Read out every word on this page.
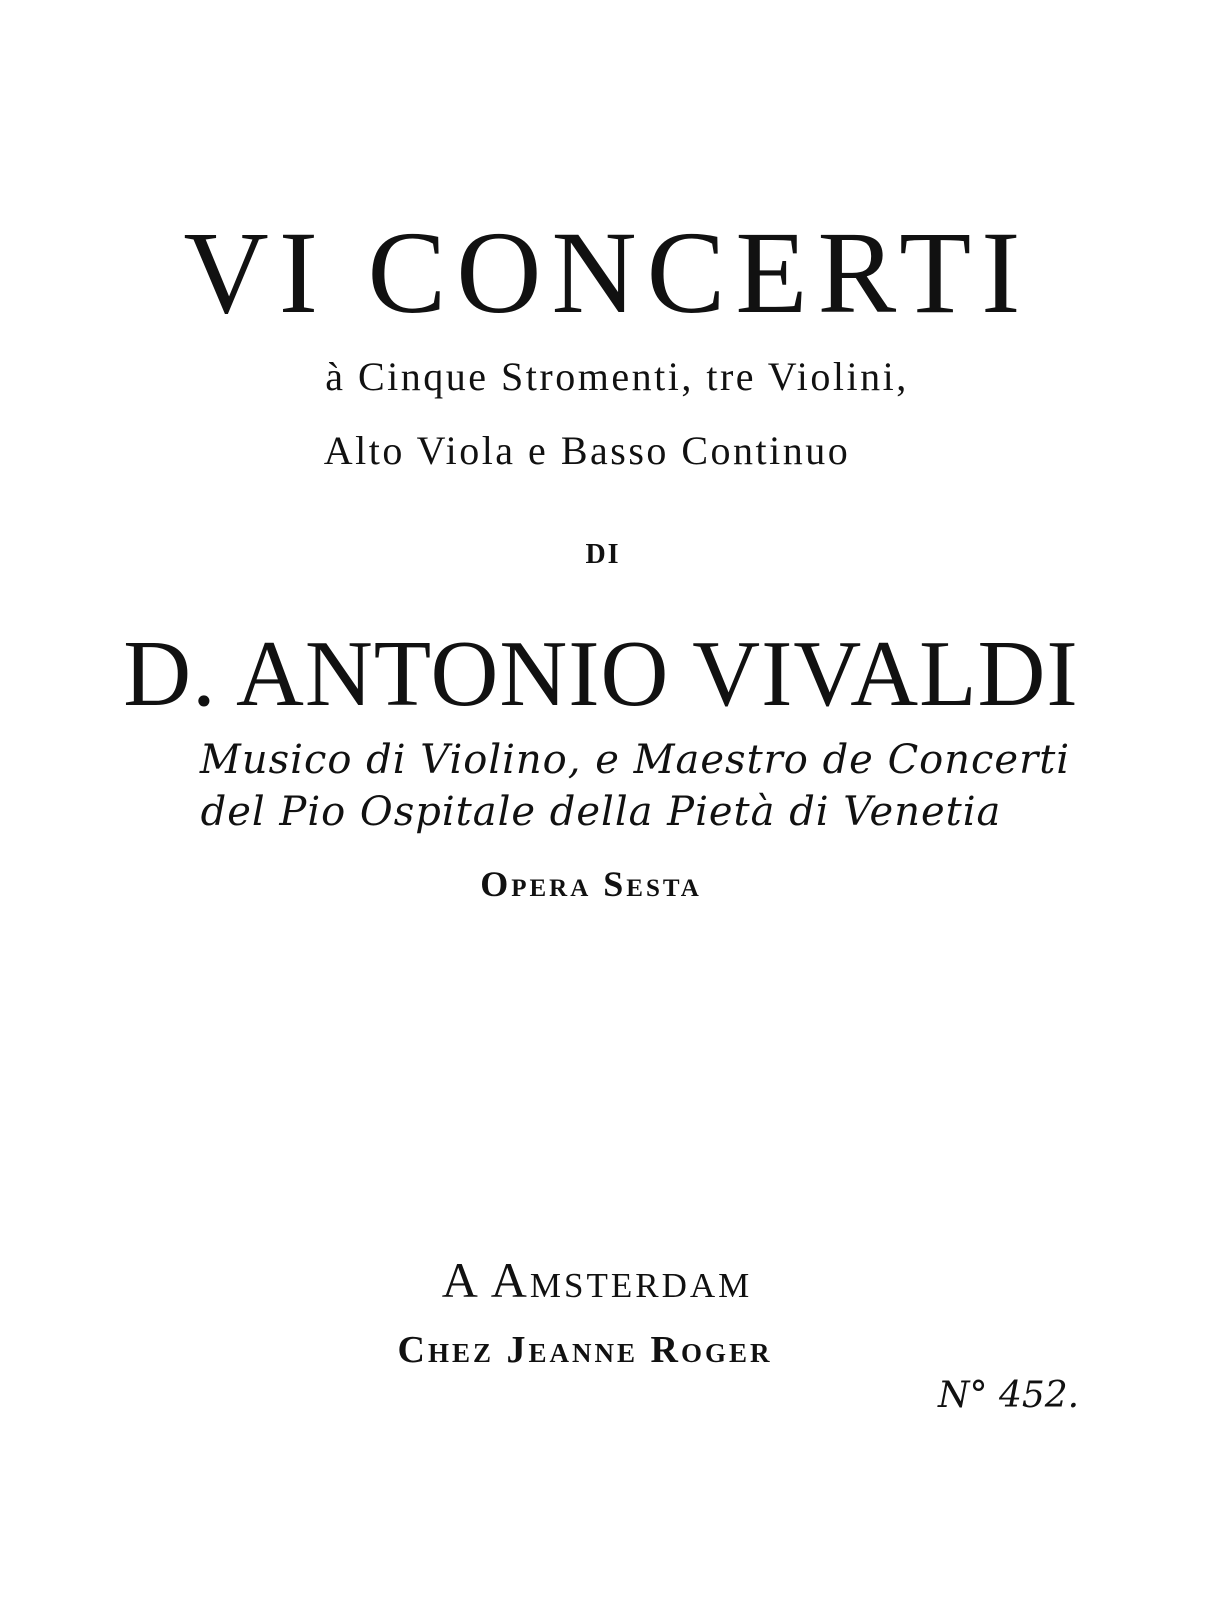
VI CONCERTI
à Cinque Stromenti, tre Violini,
Alto Viola e Basso Continuo
DI
D. ANTONIO VIVALDI
Musico di Violino, e Maestro de Concerti
del Pio Ospitale della Pietà di Venetia
Opera Sesta
A Amsterdam
Chez Jeanne Roger
N° 452.
